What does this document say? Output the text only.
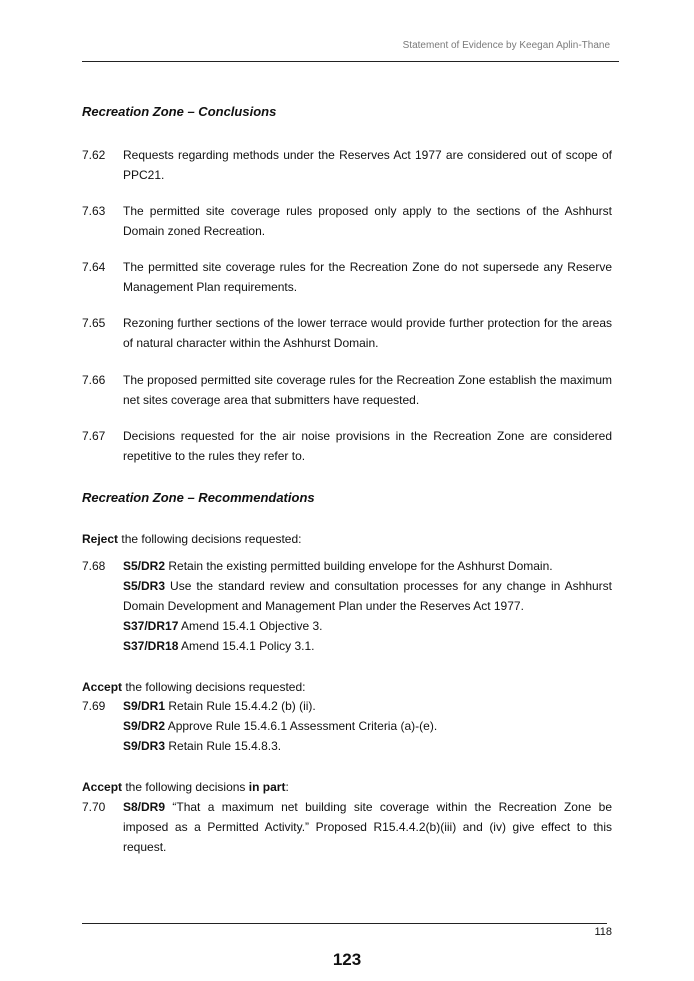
Statement of Evidence by Keegan Aplin-Thane
Recreation Zone – Conclusions
7.62 Requests regarding methods under the Reserves Act 1977 are considered out of scope of PPC21.
7.63 The permitted site coverage rules proposed only apply to the sections of the Ashhurst Domain zoned Recreation.
7.64 The permitted site coverage rules for the Recreation Zone do not supersede any Reserve Management Plan requirements.
7.65 Rezoning further sections of the lower terrace would provide further protection for the areas of natural character within the Ashhurst Domain.
7.66 The proposed permitted site coverage rules for the Recreation Zone establish the maximum net sites coverage area that submitters have requested.
7.67 Decisions requested for the air noise provisions in the Recreation Zone are considered repetitive to the rules they refer to.
Recreation Zone – Recommendations
Reject the following decisions requested:
7.68 S5/DR2 Retain the existing permitted building envelope for the Ashhurst Domain.
S5/DR3 Use the standard review and consultation processes for any change in Ashhurst Domain Development and Management Plan under the Reserves Act 1977.
S37/DR17 Amend 15.4.1 Objective 3.
S37/DR18 Amend 15.4.1 Policy 3.1.
Accept the following decisions requested:
7.69 S9/DR1 Retain Rule 15.4.4.2 (b) (ii).
S9/DR2 Approve Rule 15.4.6.1 Assessment Criteria (a)-(e).
S9/DR3 Retain Rule 15.4.8.3.
Accept the following decisions in part:
7.70 S8/DR9 “That a maximum net building site coverage within the Recreation Zone be imposed as a Permitted Activity.” Proposed R15.4.4.2(b)(iii) and (iv) give effect to this request.
118
123
